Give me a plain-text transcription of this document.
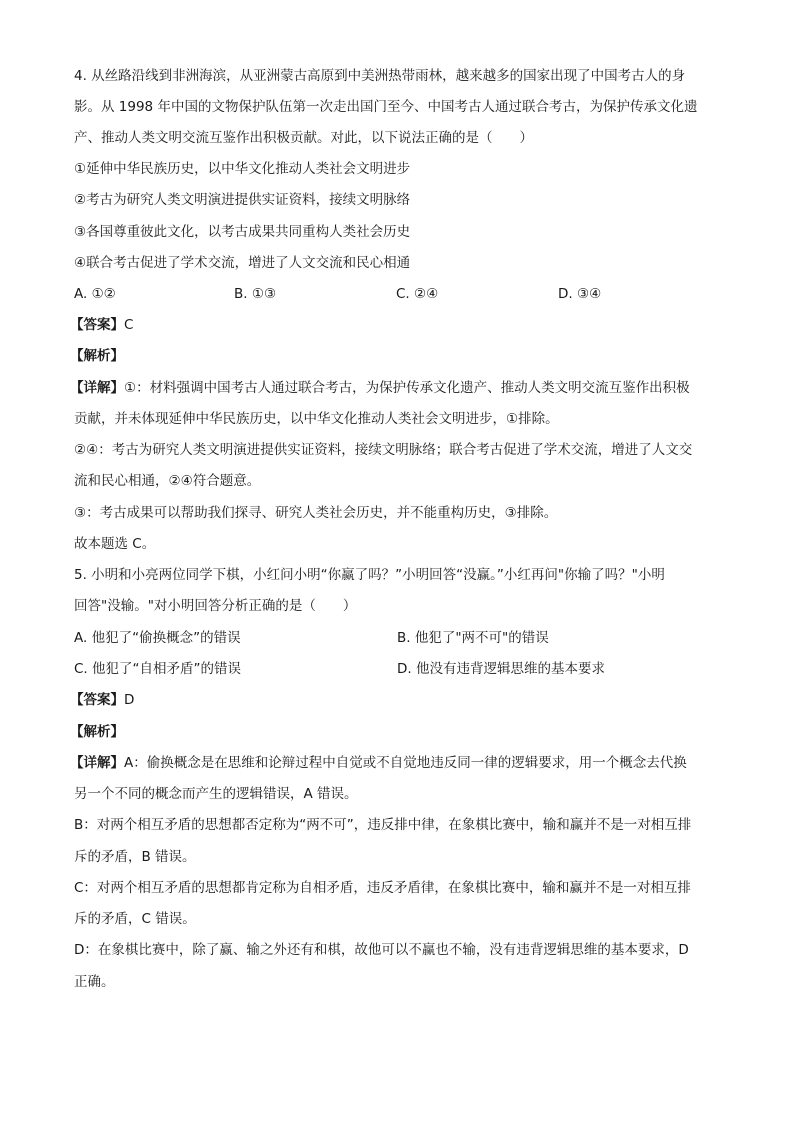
4. 从丝路沿线到非洲海滨，从亚洲蒙古高原到中美洲热带雨林，越来越多的国家出现了中国考古人的身
影。从 1998 年中国的文物保护队伍第一次走出国门至今、中国考古人通过联合考古，为保护传承文化遗
产、推动人类文明交流互鉴作出积极贡献。对此，以下说法正确的是（　　）
①延伸中华民族历史，以中华文化推动人类社会文明进步
②考古为研究人类文明演进提供实证资料，接续文明脉络
③各国尊重彼此文化，以考古成果共同重构人类社会历史
④联合考古促进了学术交流，增进了人文交流和民心相通
A. ①②	B. ①③	C. ②④	D. ③④
【答案】C
【解析】
【详解】①：材料强调中国考古人通过联合考古，为保护传承文化遗产、推动人类文明交流互鉴作出积极
贡献，并未体现延伸中华民族历史，以中华文化推动人类社会文明进步，①排除。
②④：考古为研究人类文明演进提供实证资料，接续文明脉络；联合考古促进了学术交流，增进了人文交
流和民心相通，②④符合题意。
③：考古成果可以帮助我们探寻、研究人类社会历史，并不能重构历史，③排除。
故本题选 C。
5. 小明和小亮两位同学下棋，小红问小明“你赢了吗？”小明回答“没赢。”小红再问"你输了吗？"小明
回答"没输。"对小明回答分析正确的是（　　）
A. 他犯了“偷换概念”的错误	B. 他犯了"两不可"的错误
C. 他犯了“自相矛盾”的错误	D. 他没有违背逻辑思维的基本要求
【答案】D
【解析】
【详解】A：偷换概念是在思维和论辩过程中自觉或不自觉地违反同一律的逻辑要求，用一个概念去代换
另一个不同的概念而产生的逻辑错误，A 错误。
B：对两个相互矛盾的思想都否定称为“两不可”，违反排中律，在象棋比赛中，输和赢并不是一对相互排
斥的矛盾，B 错误。
C：对两个相互矛盾的思想都肯定称为自相矛盾，违反矛盾律，在象棋比赛中，输和赢并不是一对相互排
斥的矛盾，C 错误。
D：在象棋比赛中，除了赢、输之外还有和棋，故他可以不赢也不输，没有违背逻辑思维的基本要求，D
正确。
